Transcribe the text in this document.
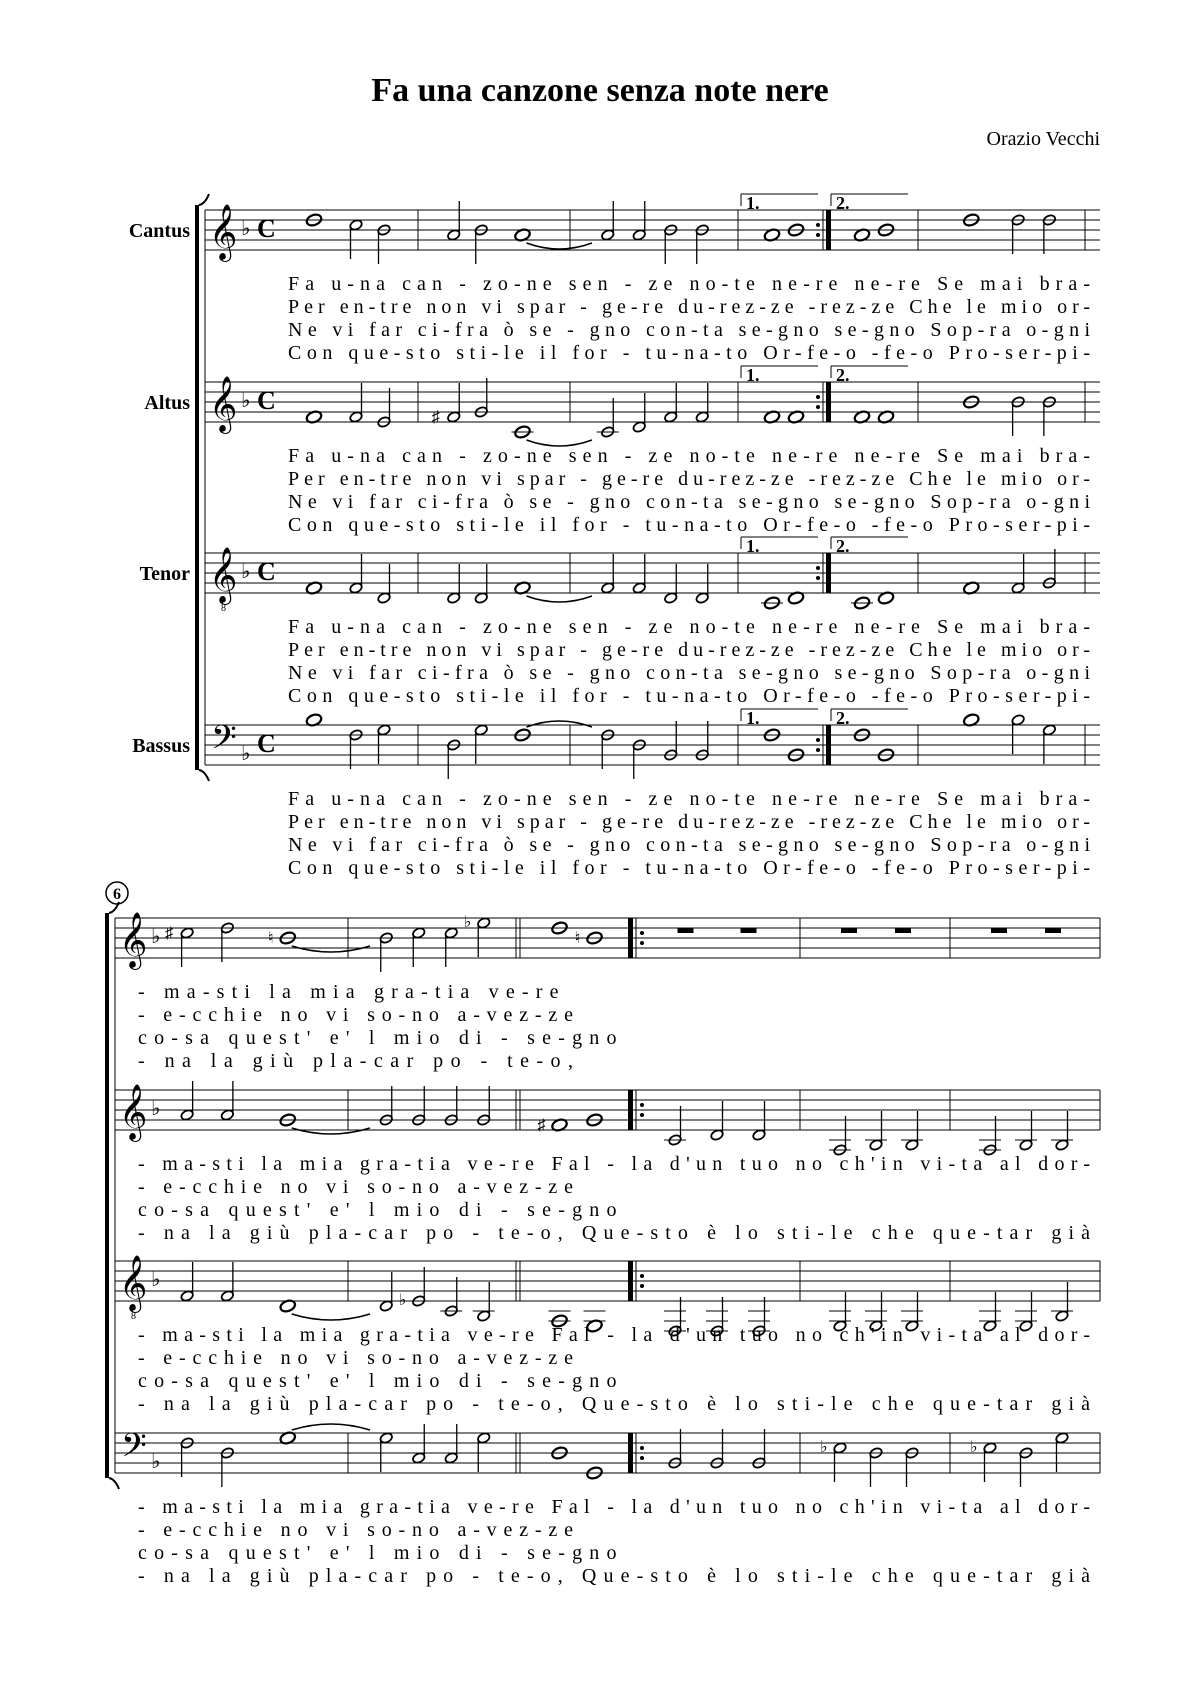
Fa una canzone senza note nere
Orazio Vecchi
𝄞 ♭ C
Cantus
1.	2.
Fa u-na can - zo-ne sen - ze no-te ne-re ne-re Se mai bra-
Per en-tre non vi spar - ge-re du-rez-ze -rez-ze Che le mio or-
Ne vi far ci-fra ò se - gno con-ta se-gno se-gno Sop-ra o-gni
Con que-sto sti-le il for - tu-na-to Or-fe-o -fe-o Pro-ser-pi-
𝄞 ♭ C
Altus
♯
1.	2.
Fa u-na can - zo-ne sen - ze no-te ne-re ne-re Se mai bra-
Per en-tre non vi spar - ge-re du-rez-ze -rez-ze Che le mio or-
Ne vi far ci-fra ò se - gno con-ta se-gno se-gno Sop-ra o-gni
Con que-sto sti-le il for - tu-na-to Or-fe-o -fe-o Pro-ser-pi-
𝄞
8
♭ C
Tenor
1.	2.
Fa u-na can - zo-ne sen - ze no-te ne-re ne-re Se mai bra-
Per en-tre non vi spar - ge-re du-rez-ze -rez-ze Che le mio or-
Ne vi far ci-fra ò se - gno con-ta se-gno se-gno Sop-ra o-gni
Con que-sto sti-le il for - tu-na-to Or-fe-o -fe-o Pro-ser-pi-
𝄢 ♭ C
Bassus
1.	2.
Fa u-na can - zo-ne sen - ze no-te ne-re ne-re Se mai bra-
Per en-tre non vi spar - ge-re du-rez-ze -rez-ze Che le mio or-
Ne vi far ci-fra ò se - gno con-ta se-gno se-gno Sop-ra o-gni
Con que-sto sti-le il for - tu-na-to Or-fe-o -fe-o Pro-ser-pi-
6
𝄞 ♭ ♯	♮
♭
♮
- ma-sti la mia gra-tia ve-re
- e-cchie no vi so-no a-vez-ze
co-sa quest' e' l mio di - se-gno
- na la giù pla-car po - te-o,
𝄞 ♭
♯
- ma-sti la mia gra-tia ve-re Fal - la d'un tuo no ch'in vi-ta al dor-
- e-cchie no vi so-no a-vez-ze
co-sa quest' e' l mio di - se-gno
- na la giù pla-car po - te-o, Que-sto è lo sti-le che que-tar già
𝄞
8
♭
♭
- ma-sti la mia gra-tia ve-re Fal - la d'un tuo no ch'in vi-ta al dor-
- e-cchie no vi so-no a-vez-ze
co-sa quest' e' l mio di - se-gno
- na la giù pla-car po - te-o, Que-sto è lo sti-le che que-tar già
𝄢 ♭
♭	♭
- ma-sti la mia gra-tia ve-re Fal - la d'un tuo no ch'in vi-ta al dor-
- e-cchie no vi so-no a-vez-ze
co-sa quest' e' l mio di - se-gno
- na la giù pla-car po - te-o, Que-sto è lo sti-le che que-tar già
